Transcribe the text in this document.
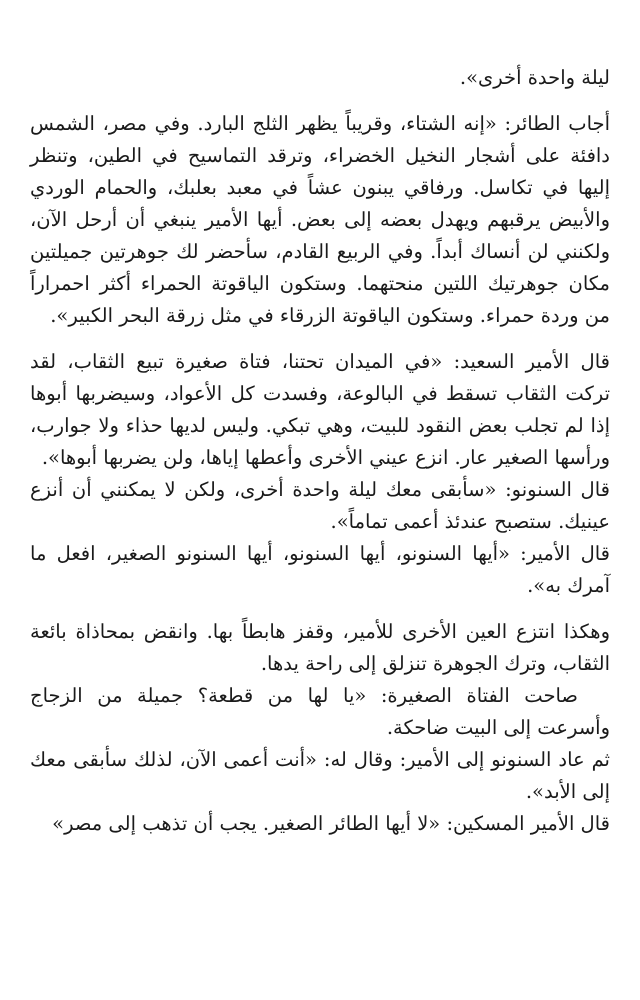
ليلة واحدة أخرى».

أجاب الطائر: «إنه الشتاء، وقريباً يظهر الثلج البارد. وفي مصر، الشمس دافئة على أشجار النخيل الخضراء، وترقد التماسيح في الطين، وتنظر إليها في تكاسل. ورفاقي يبنون عشاً في معبد بعلبك، والحمام الوردي والأبيض يرقبهم ويهدل بعضه إلى بعض. أيها الأمير ينبغي أن أرحل الآن، ولكنني لن أنساك أبداً. وفي الربيع القادم، سأحضر لك جوهرتين جميلتين مكان جوهرتيك اللتين منحتهما. وستكون الياقوتة الحمراء أكثر احمراراً من وردة حمراء. وستكون الياقوتة الزرقاء في مثل زرقة البحر الكبير».

قال الأمير السعيد: «في الميدان تحتنا، فتاة صغيرة تبيع الثقاب، لقد تركت الثقاب تسقط في البالوعة، وفسدت كل الأعواد، وسيضربها أبوها إذا لم تجلب بعض النقود للبيت، وهي تبكي. وليس لديها حذاء ولا جوارب، ورأسها الصغير عار. انزع عيني الأخرى وأعطها إياها، ولن يضربها أبوها».

قال السنونو: «سأبقى معك ليلة واحدة أخرى، ولكن لا يمكنني أن أنزع عينيك. ستصبح عندئذ أعمى تماماً».

قال الأمير: «أيها السنونو، أيها السنونو، أيها السنونو الصغير، افعل ما آمرك به».

وهكذا انتزع العين الأخرى للأمير، وقفز هابطاً بها. وانقض بمحاذاة بائعة الثقاب، وترك الجوهرة تنزلق إلى راحة يدها.

صاحت الفتاة الصغيرة: «يا لها من قطعة؟ جميلة من الزجاج وأسرعت إلى البيت ضاحكة.

ثم عاد السنونو إلى الأمير: وقال له: «أنت أعمى الآن، لذلك سأبقى معك إلى الأبد».

قال الأمير المسكين: «لا أيها الطائر الصغير. يجب أن تذهب إلى مصر»
